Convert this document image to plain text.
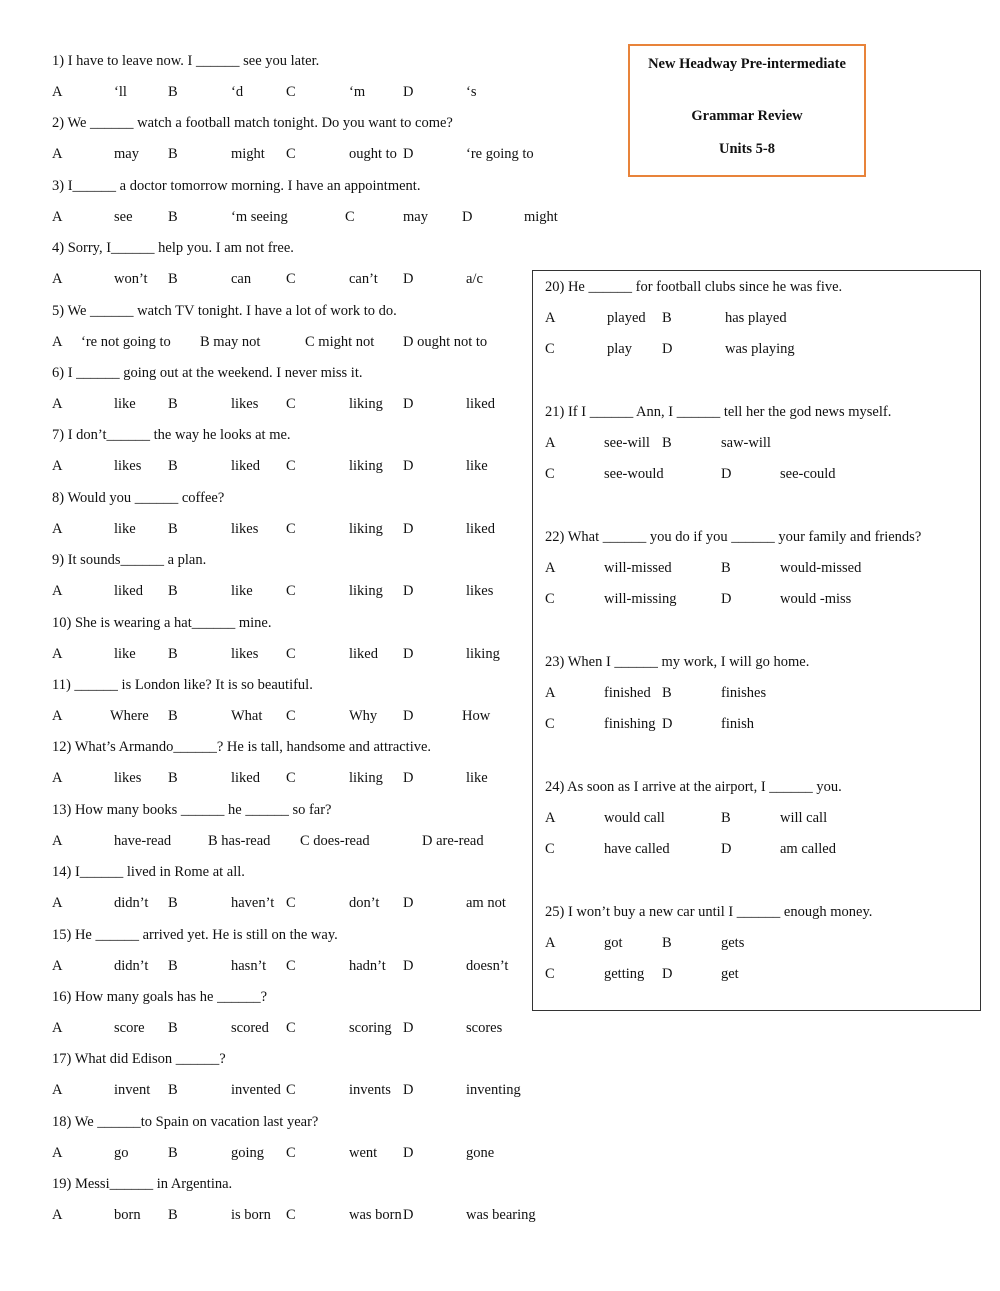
New Headway Pre-intermediate
Grammar Review
Units 5-8
1) I have to leave now. I ______ see you later.
A	‘ll	B	‘d	C	‘m	D	‘s
2) We ______ watch a football match tonight. Do you want to come?
A	may B	might C	ought to D	‘re going to
3) I______ a doctor tomorrow morning. I have an appointment.
A	see B	‘m seeing	C	may D	might
4) Sorry, I______ help you. I am not free.
A	won’t B	can C	can’t D	a/c
5) We ______ watch TV tonight. I have a lot of work to do.
A ‘re not going to B may not	C might not D ought not to
6) I ______ going out at the weekend. I never miss it.
A	like B	likes C	liking D	liked
7) I don’t______ the way he looks at me.
A	likes B	liked C	liking D	like
8) Would you ______ coffee?
A	like B	likes C	liking D	liked
9) It sounds______ a plan.
A	liked B	like C	liking D	likes
10) She is wearing a hat______ mine.
A	like B	likes C	liked D	liking
11) ______ is London like? It is so beautiful.
A	Where B	What C	Why D	How
12) What’s Armando______? He is tall, handsome and attractive.
A	likes B	liked C	liking D	like
13) How many books ______ he ______ so far?
A	have-read	B has-read C does-read	D are-read
14) I______ lived in Rome at all.
A	didn’t B	haven’t C	don’t D	am not
15) He ______ arrived yet. He is still on the way.
A	didn’t B	hasn’t C	hadn’t D	doesn’t
16) How many goals has he ______?
A	score B	scored C	scoring D	scores
17) What did Edison ______?
A	invent B	invented C	invents D	inventing
18) We ______to Spain on vacation last year?
A	go	B	going C	went D	gone
19) Messi______ in Argentina.
A	born B	is born C	was born D	was bearing
20) He ______ for football clubs since he was five.
A	played B	has played
C	play D	was playing
21) If I ______ Ann, I ______ tell her the god news myself.
A	see-will B	saw-will
C	see-would	D	see-could
22) What ______ you do if you ______ your family and friends?
A	will-missed	B	would-missed
C	will-missing	D	would -miss
23) When I ______ my work, I will go home.
A	finished B	finishes
C	finishing D	finish
24) As soon as I arrive at the airport, I ______ you.
A	would call	B	will call
C	have called	D	am called
25) I won’t buy a new car until I ______ enough money.
A	got	B	gets
C	getting D	get
